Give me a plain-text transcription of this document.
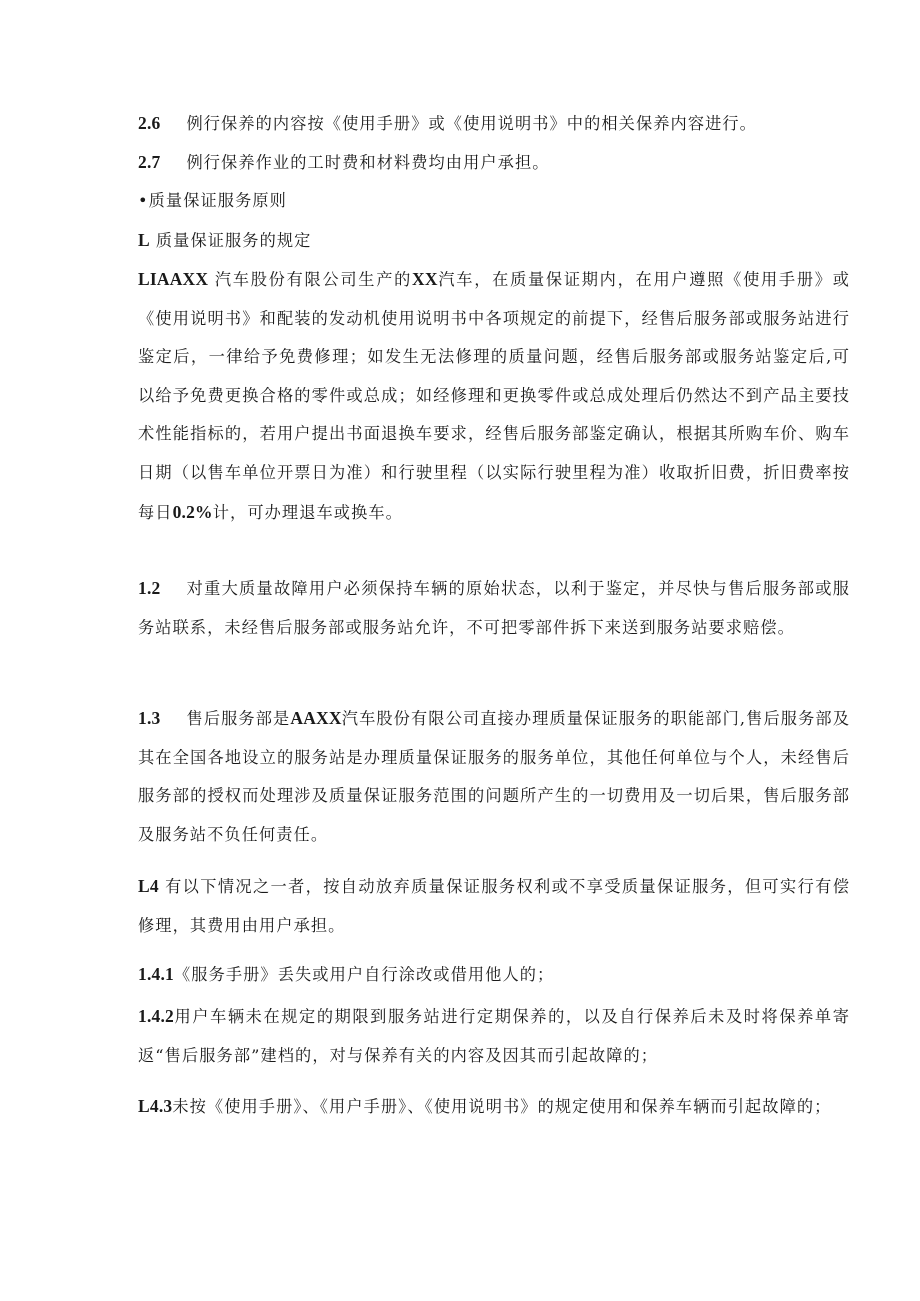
2.6 例行保养的内容按《使用手册》或《使用说明书》中的相关保养内容进行。

2.7 例行保养作业的工时费和材料费均由用户承担。

•质量保证服务原则

L 质量保证服务的规定

LIAAXX 汽车股份有限公司生产的XX汽车，在质量保证期内，在用户遵照《使用手册》或《使用说明书》和配装的发动机使用说明书中各项规定的前提下，经售后服务部或服务站进行鉴定后，一律给予免费修理；如发生无法修理的质量问题，经售后服务部或服务站鉴定后,可以给予免费更换合格的零件或总成；如经修理和更换零件或总成处理后仍然达不到产品主要技术性能指标的，若用户提出书面退换车要求，经售后服务部鉴定确认，根据其所购车价、购车日期（以售车单位开票日为准）和行驶里程（以实际行驶里程为准）收取折旧费，折旧费率按每日0.2%计，可办理退车或换车。

1.2 对重大质量故障用户必须保持车辆的原始状态，以利于鉴定，并尽快与售后服务部或服务站联系，未经售后服务部或服务站允许，不可把零部件拆下来送到服务站要求赔偿。

1.3 售后服务部是AAXX汽车股份有限公司直接办理质量保证服务的职能部门,售后服务部及其在全国各地设立的服务站是办理质量保证服务的服务单位，其他任何单位与个人，未经售后服务部的授权而处理涉及质量保证服务范围的问题所产生的一切费用及一切后果，售后服务部及服务站不负任何责任。

L4 有以下情况之一者，按自动放弃质量保证服务权利或不享受质量保证服务，但可实行有偿修理，其费用由用户承担。

1.4.1《服务手册》丢失或用户自行涂改或借用他人的；

1.4.2用户车辆未在规定的期限到服务站进行定期保养的，以及自行保养后未及时将保养单寄返“售后服务部”建档的，对与保养有关的内容及因其而引起故障的；

L4.3未按《使用手册》、《用户手册》、《使用说明书》的规定使用和保养车辆而引起故障的；
